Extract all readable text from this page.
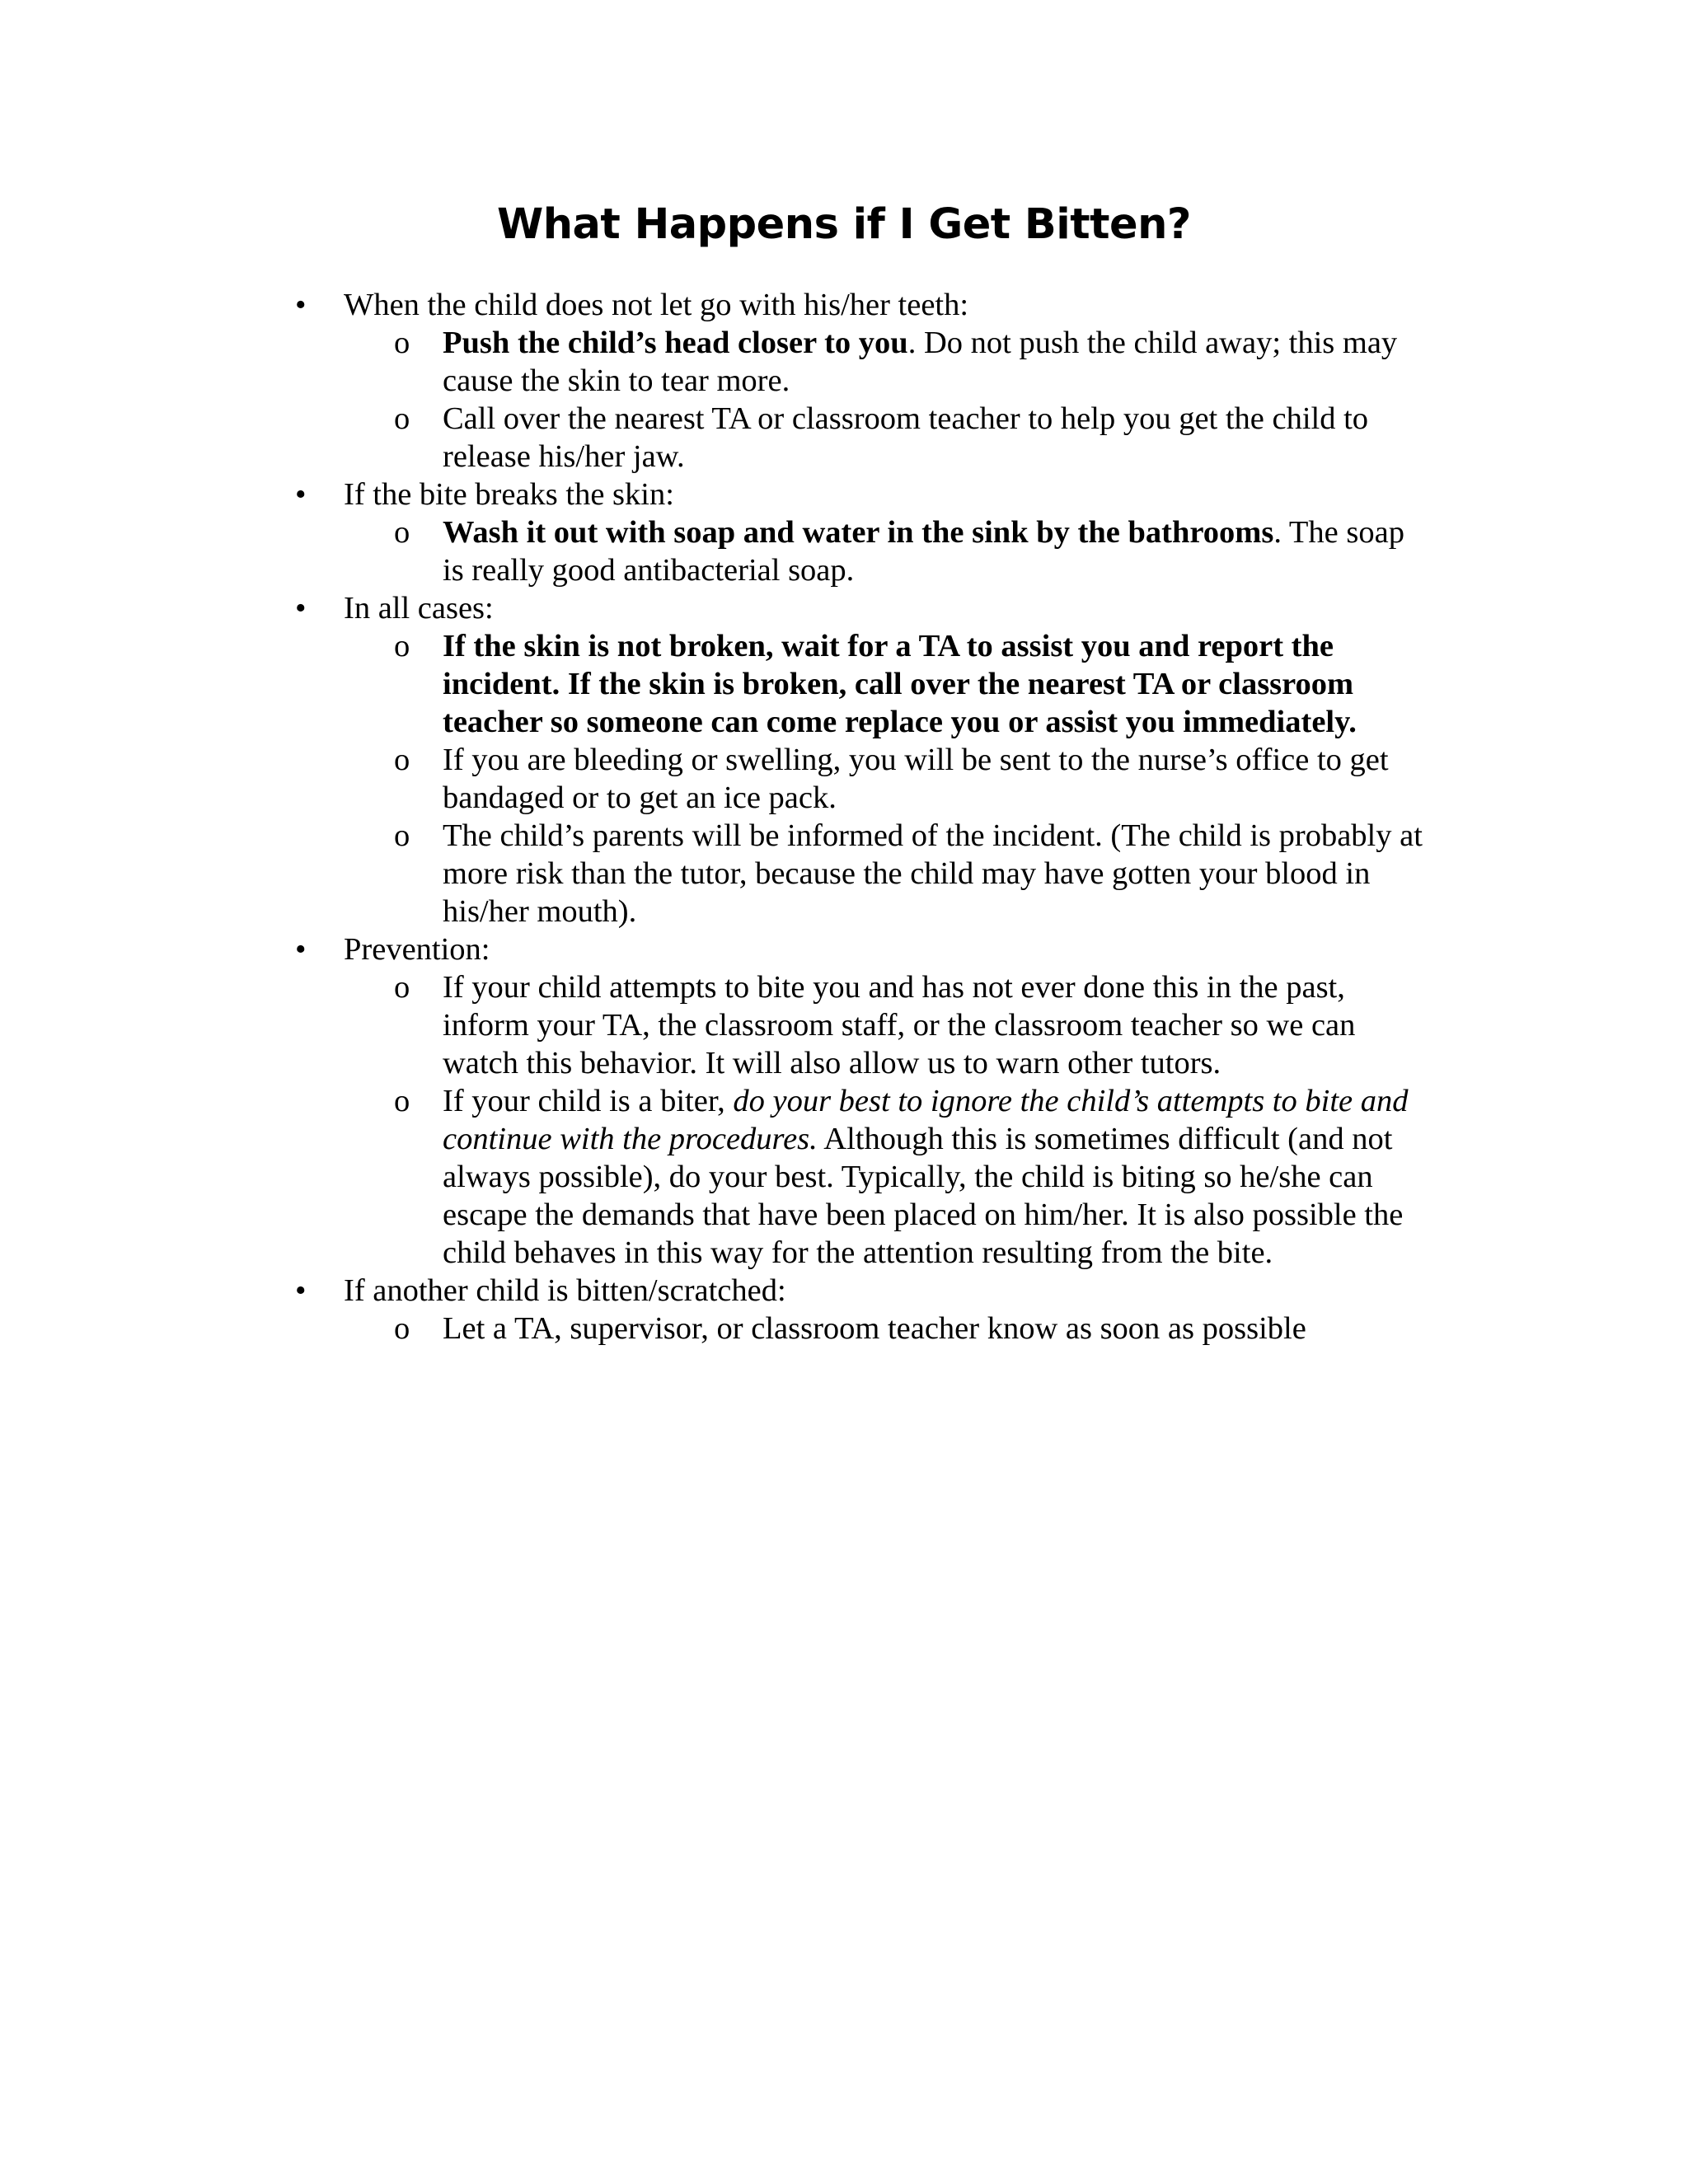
What Happens if I Get Bitten?
•	When the child does not let go with his/her teeth:
o Push the child’s head closer to you. Do not push the child away; this may cause the skin to tear more.
o Call over the nearest TA or classroom teacher to help you get the child to release his/her jaw.
•	If the bite breaks the skin:
o Wash it out with soap and water in the sink by the bathrooms. The soap is really good antibacterial soap.
•	In all cases:
o If the skin is not broken, wait for a TA to assist you and report the incident. If the skin is broken, call over the nearest TA or classroom teacher so someone can come replace you or assist you immediately.
o If you are bleeding or swelling, you will be sent to the nurse’s office to get bandaged or to get an ice pack.
o The child’s parents will be informed of the incident. (The child is probably at more risk than the tutor, because the child may have gotten your blood in his/her mouth).
•	Prevention:
o If your child attempts to bite you and has not ever done this in the past, inform your TA, the classroom staff, or the classroom teacher so we can watch this behavior. It will also allow us to warn other tutors.
o If your child is a biter, do your best to ignore the child’s attempts to bite and continue with the procedures. Although this is sometimes difficult (and not always possible), do your best. Typically, the child is biting so he/she can escape the demands that have been placed on him/her. It is also possible the child behaves in this way for the attention resulting from the bite.
•	If another child is bitten/scratched:
o Let a TA, supervisor, or classroom teacher know as soon as possible
